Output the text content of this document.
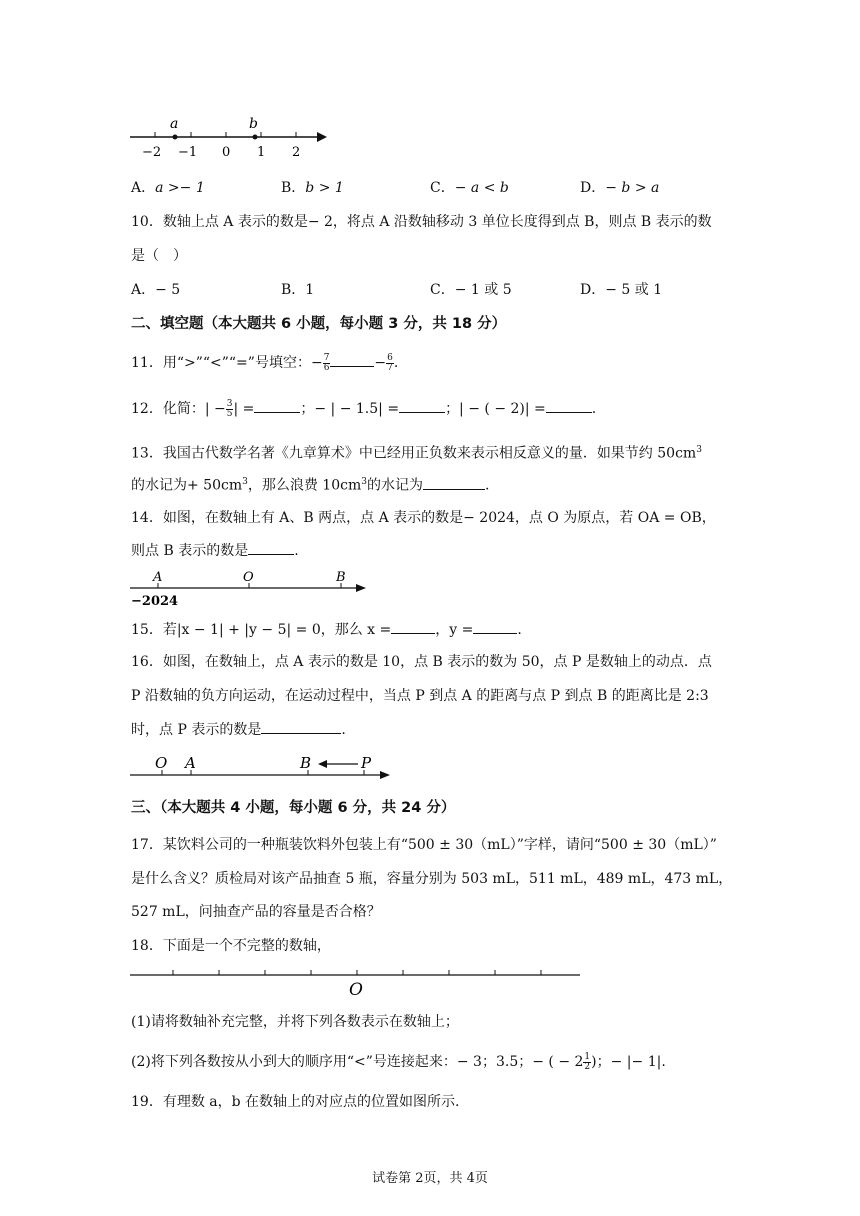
a	b
−2 −1 0 1 2
A．a >− 1	B．b > 1	C．− a < b	D．− b > a
10．数轴上点 A 表示的数是− 2，将点 A 沿数轴移动 3 单位长度得到点 B，则点 B 表示的数
是（　）
A．− 5	B．1	C．− 1 或 5	D．− 5 或 1
二、填空题（本大题共 6 小题，每小题 3 分，共 18 分）
11．用“>”“<”“=”号填空：− $\frac{7}{6}$	− $\frac{6}{7}$ .
12．化简：| − $\frac{3}{5}$ | =	；− | − 1.5| =	；| − ( − 2)| =	.
13．我国古代数学名著《九章算术》中已经用正负数来表示相反意义的量．如果节约 $50cm^3$
的水记为+ $50cm^3$，那么浪费 $10cm^3$的水记为	.
14．如图，在数轴上有 A、B 两点，点 A 表示的数是− 2024，点 O 为原点，若 OA = OB，
则点 B 表示的数是	.
A	O	B
−2024
15．若|x − 1| + |y − 5| = 0，那么 x =	，y =	.
16．如图，在数轴上，点 A 表示的数是 10，点 B 表示的数为 50，点 P 是数轴上的动点．点
P 沿数轴的负方向运动，在运动过程中，当点 P 到点 A 的距离与点 P 到点 B 的距离比是 2:3
时，点 P 表示的数是	.
O A	B	P
三、（本大题共 4 小题，每小题 6 分，共 24 分）
17．某饮料公司的一种瓶装饮料外包装上有“500 ± 30（mL）”字样，请问“500 ± 30（mL）”
是什么含义？质检局对该产品抽查 5 瓶，容量分别为 503 mL，511 mL，489 mL，473 mL，
527 mL，问抽查产品的容量是否合格？
18．下面是一个不完整的数轴，
O
(1)请将数轴补充完整，并将下列各数表示在数轴上；
(2)将下列各数按从小到大的顺序用“<”号连接起来：− 3；3.5；− ( − $2 \frac{1}{2}$ )；− |− 1|.
19．有理数 a，b 在数轴上的对应点的位置如图所示.
试卷第 2页，共 4页
